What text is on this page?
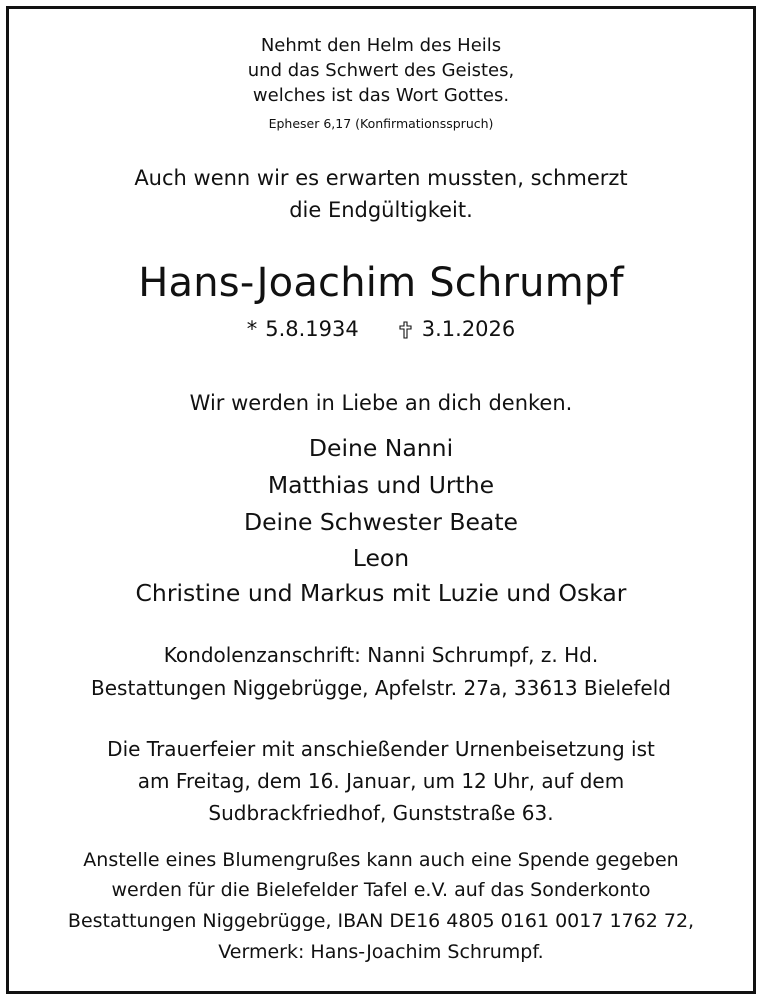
Nehmt den Helm des Heils
und das Schwert des Geistes,
welches ist das Wort Gottes.
Epheser 6,17 (Konfirmationsspruch)
Auch wenn wir es erwarten mussten, schmerzt
die Endgültigkeit.
Hans-Joachim Schrumpf
* 5.8.1934	3.1.2026
Wir werden in Liebe an dich denken.
Deine Nanni
Matthias und Urthe
Deine Schwester Beate
Leon
Christine und Markus mit Luzie und Oskar
Kondolenzanschrift: Nanni Schrumpf, z. Hd.
Bestattungen Niggebrügge, Apfelstr. 27a, 33613 Bielefeld
Die Trauerfeier mit anschießender Urnenbeisetzung ist
am Freitag, dem 16. Januar, um 12 Uhr, auf dem
Sudbrackfriedhof, Gunststraße 63.
Anstelle eines Blumengrußes kann auch eine Spende gegeben
werden für die Bielefelder Tafel e.V. auf das Sonderkonto
Bestattungen Niggebrügge, IBAN DE16 4805 0161 0017 1762 72,
Vermerk: Hans-Joachim Schrumpf.
